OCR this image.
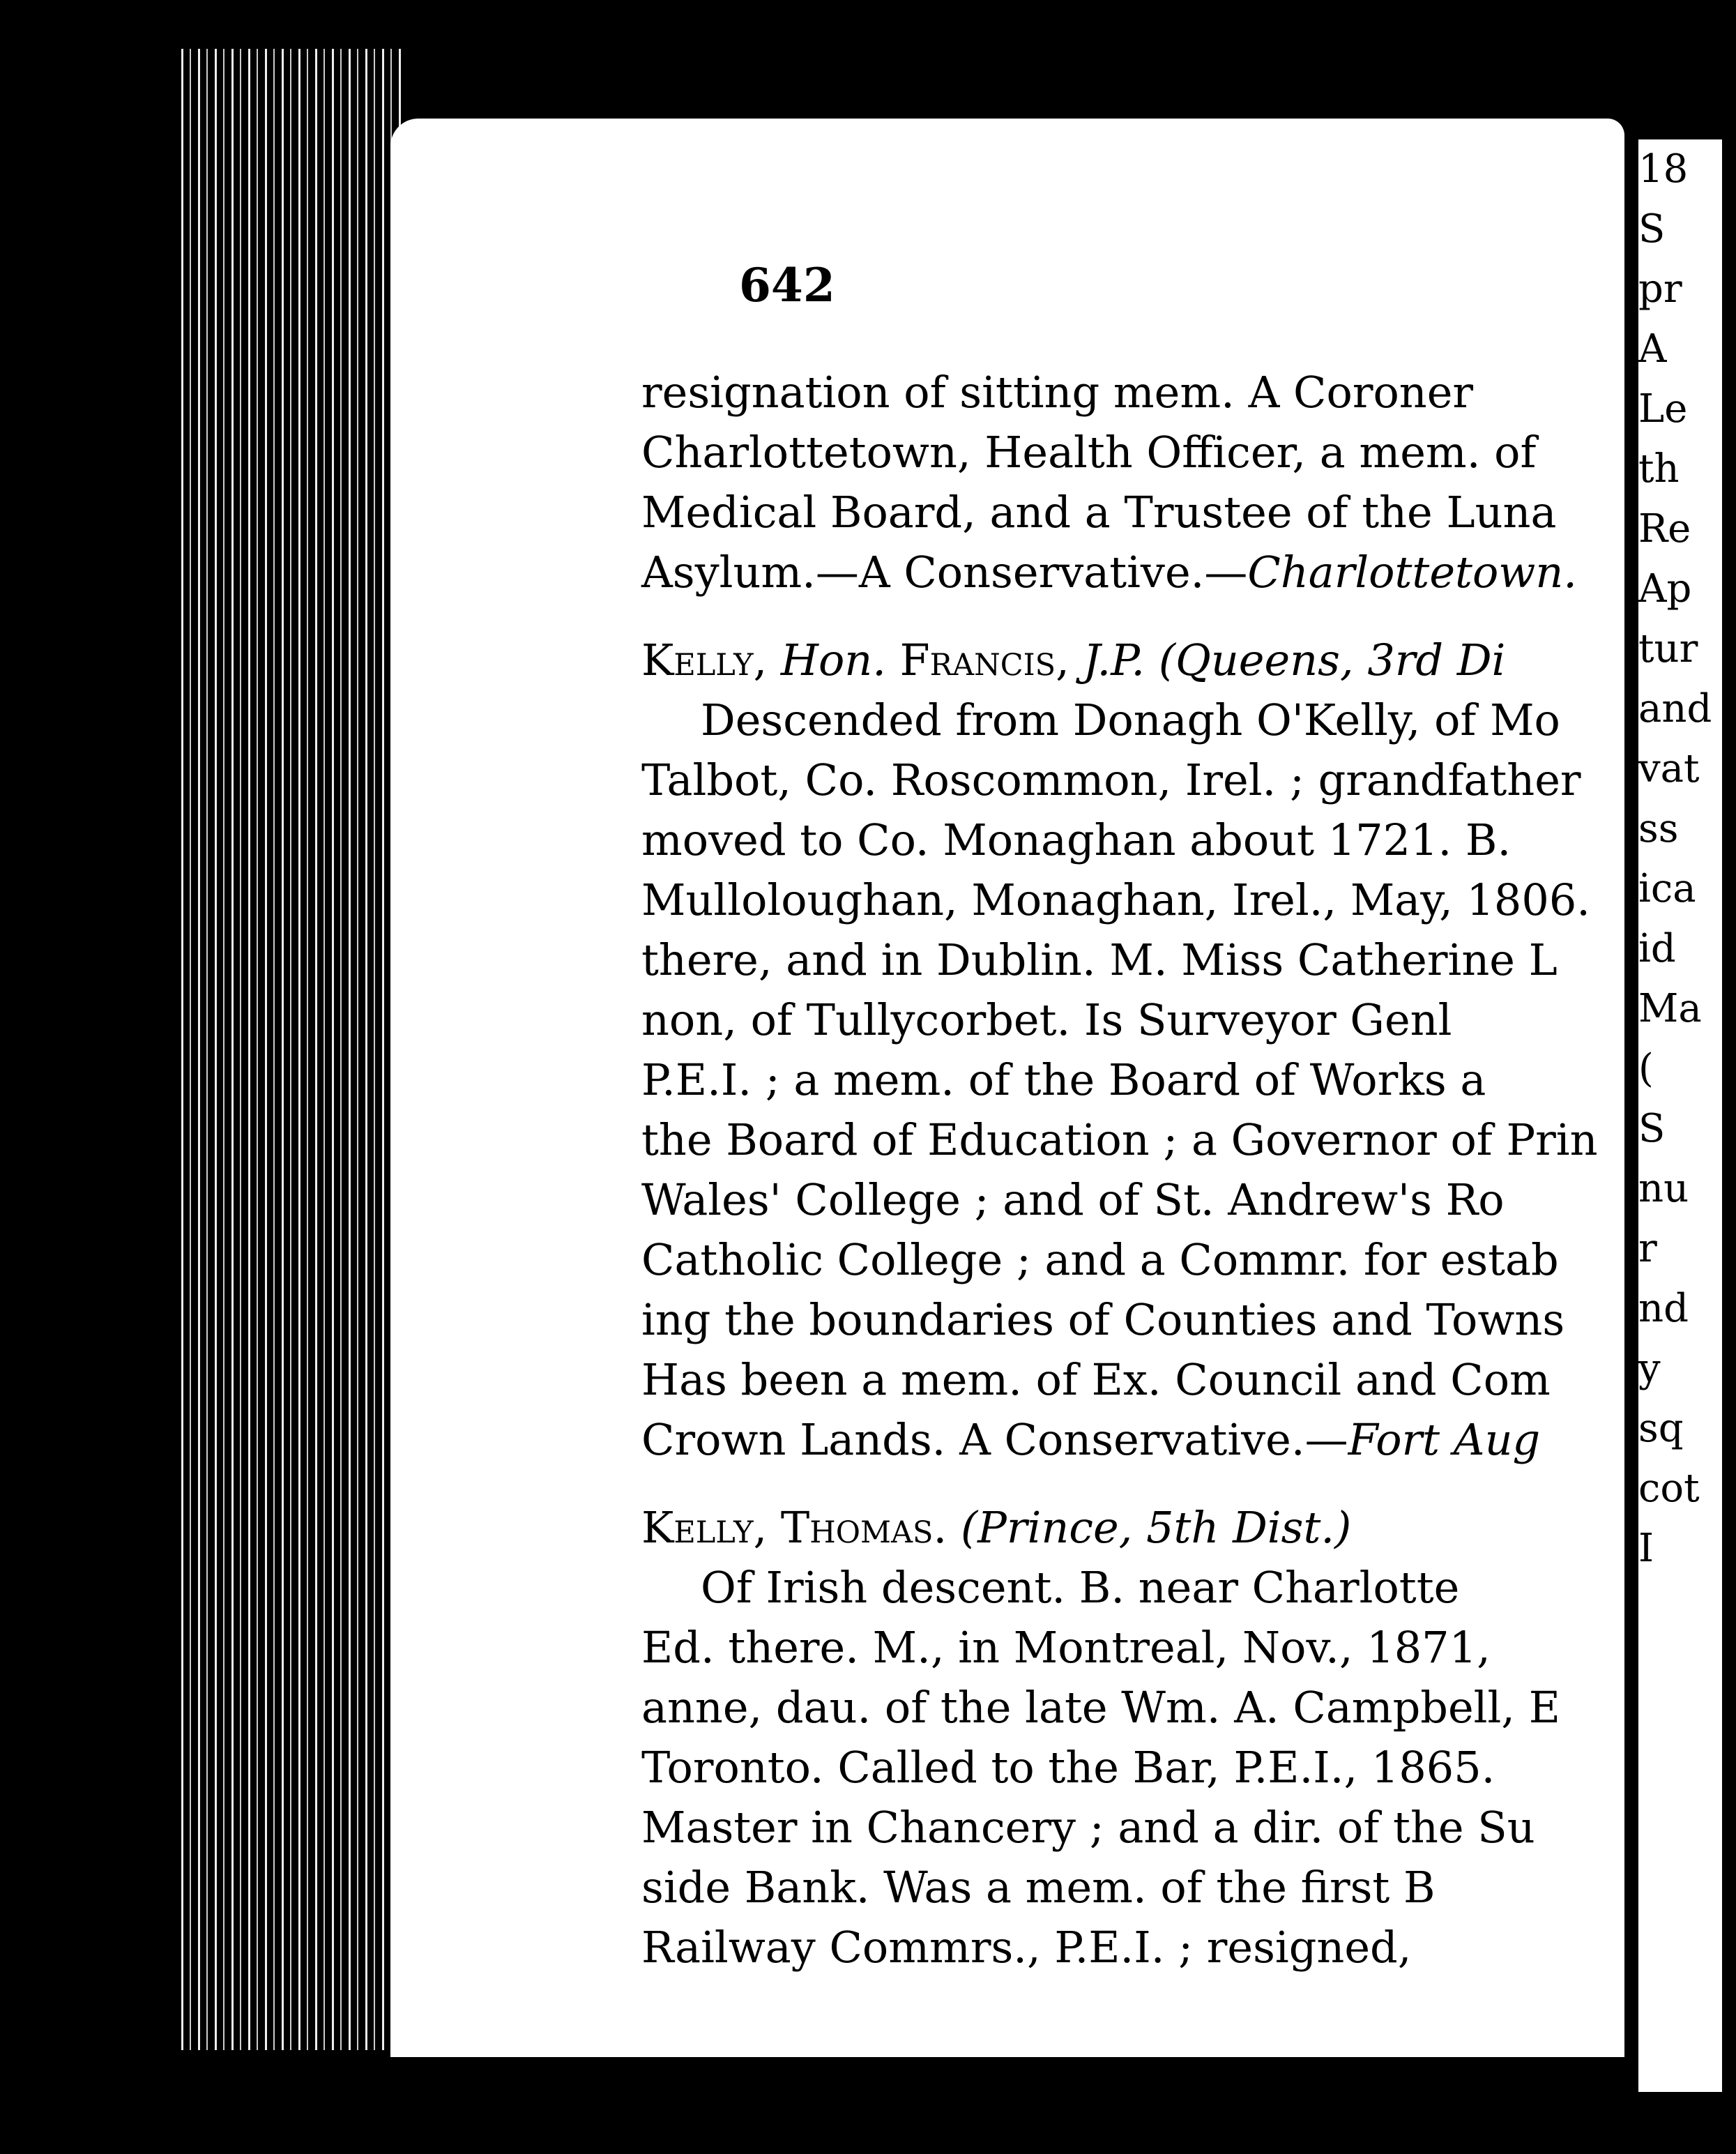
642
resignation of sitting mem. A Coroner
Charlottetown, Health Officer, a mem. of
Medical Board, and a Trustee of the Luna
Asylum.—A Conservative.—Charlottetown.
Kelly, Hon. Francis, J.P. (Queens, 3rd Di
Descended from Donagh O'Kelly, of Mo
Talbot, Co. Roscommon, Irel. ; grandfather
moved to Co. Monaghan about 1721. B.
Mulloloughan, Monaghan, Irel., May, 1806.
there, and in Dublin. M. Miss Catherine L
non, of Tullycorbet. Is Surveyor Genl
P.E.I. ; a mem. of the Board of Works a
the Board of Education ; a Governor of Prin
Wales' College ; and of St. Andrew's Ro
Catholic College ; and a Commr. for estab
ing the boundaries of Counties and Towns
Has been a mem. of Ex. Council and Com
Crown Lands. A Conservative.—Fort Aug
Kelly, Thomas. (Prince, 5th Dist.)
Of Irish descent. B. near Charlotte
Ed. there. M., in Montreal, Nov., 1871,
anne, dau. of the late Wm. A. Campbell, E
Toronto. Called to the Bar, P.E.I., 1865.
Master in Chancery ; and a dir. of the Su
side Bank. Was a mem. of the first B
Railway Commrs., P.E.I. ; resigned,
18
S
pr
A
Le
th
Re
Ap
tur
and
vat
ss
ica
id
Ma
(
S
nu
r
nd
y
sq
cot
I
